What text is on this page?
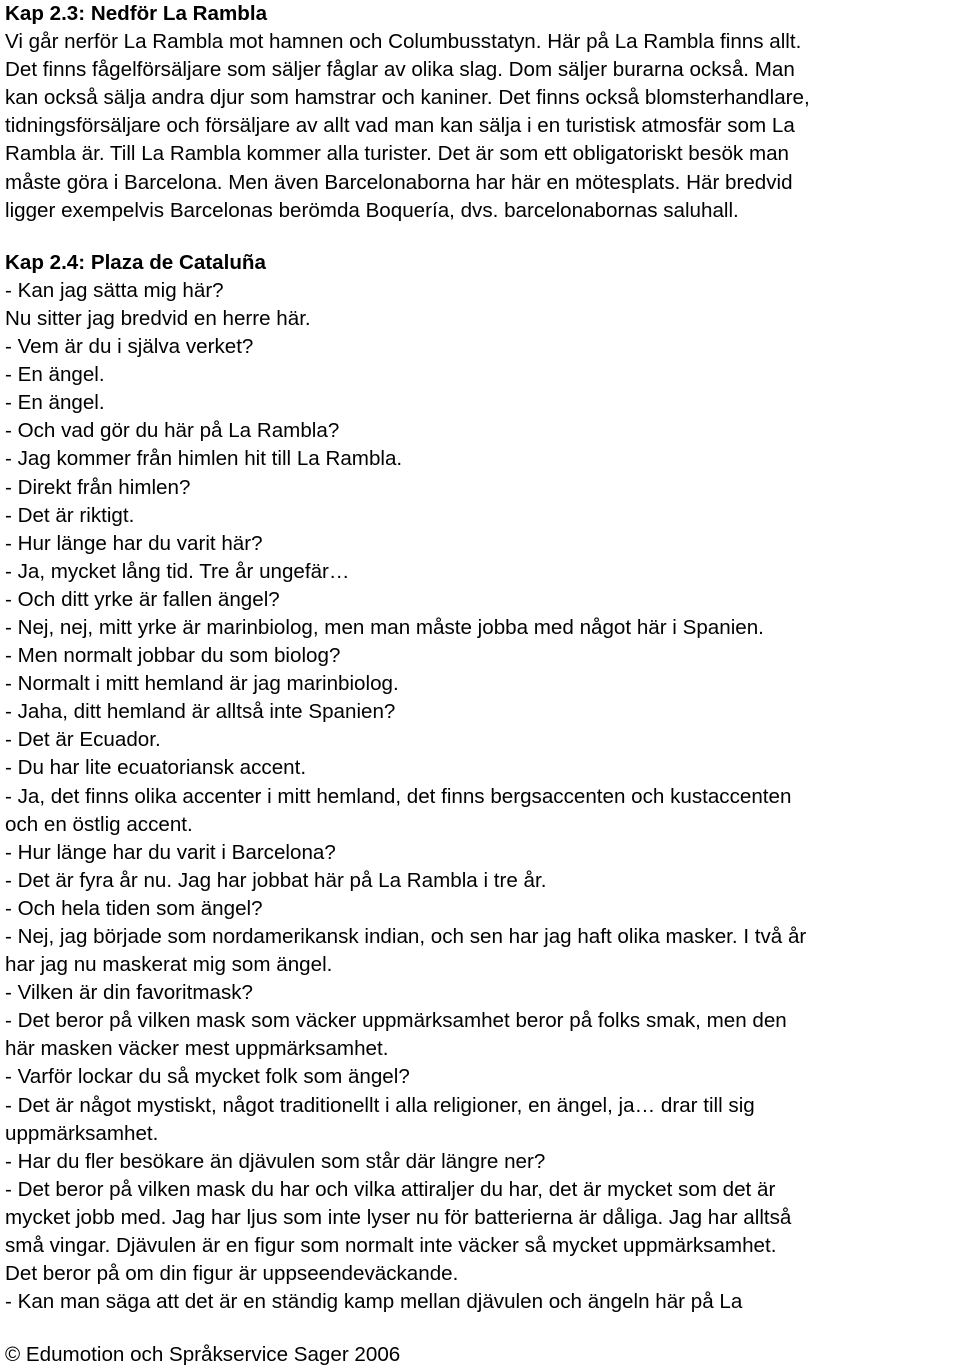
Kap 2.3: Nedför La Rambla
Vi går nerför La Rambla mot hamnen och Columbusstatyn. Här på La Rambla finns allt.
Det finns fågelförsäljare som säljer fåglar av olika slag. Dom säljer burarna också. Man
kan också sälja andra djur som hamstrar och kaniner. Det finns också blomsterhandlare,
tidningsförsäljare och försäljare av allt vad man kan sälja i en turistisk atmosfär som La
Rambla är. Till La Rambla kommer alla turister. Det är som ett obligatoriskt besök man
måste göra i Barcelona. Men även Barcelonaborna har här en mötesplats. Här bredvid
ligger exempelvis Barcelonas berömda Boquería, dvs. barcelonabornas saluhall.
Kap 2.4: Plaza de Cataluña
- Kan jag sätta mig här?
Nu sitter jag bredvid en herre här.
- Vem är du i själva verket?
- En ängel.
- En ängel.
- Och vad gör du här på La Rambla?
- Jag kommer från himlen hit till La Rambla.
- Direkt från himlen?
- Det är riktigt.
- Hur länge har du varit här?
- Ja, mycket lång tid. Tre år ungefär…
- Och ditt yrke är fallen ängel?
- Nej, nej, mitt yrke är marinbiolog, men man måste jobba med något här i Spanien.
- Men normalt jobbar du som biolog?
- Normalt i mitt hemland är jag marinbiolog.
- Jaha, ditt hemland är alltså inte Spanien?
- Det är Ecuador.
- Du har lite ecuatoriansk accent.
- Ja, det finns olika accenter i mitt hemland, det finns bergsaccenten och kustaccenten
och en östlig accent.
- Hur länge har du varit i Barcelona?
- Det är fyra år nu. Jag har jobbat här på La Rambla i tre år.
- Och hela tiden som ängel?
- Nej, jag började som nordamerikansk indian, och sen har jag haft olika masker. I två år
har jag nu maskerat mig som ängel.
- Vilken är din favoritmask?
- Det beror på vilken mask som väcker uppmärksamhet beror på folks smak, men den
här masken väcker mest uppmärksamhet.
- Varför lockar du så mycket folk som ängel?
- Det är något mystiskt, något traditionellt i alla religioner, en ängel, ja… drar till sig
uppmärksamhet.
- Har du fler besökare än djävulen som står där längre ner?
- Det beror på vilken mask du har och vilka attiraljer du har, det är mycket som det är
mycket jobb med. Jag har ljus som inte lyser nu för batterierna är dåliga. Jag har alltså
små vingar. Djävulen är en figur som normalt inte väcker så mycket uppmärksamhet.
Det beror på om din figur är uppseendeväckande.
- Kan man säga att det är en ständig kamp mellan djävulen och ängeln här på La
© Edumotion och Språkservice Sager 2006
